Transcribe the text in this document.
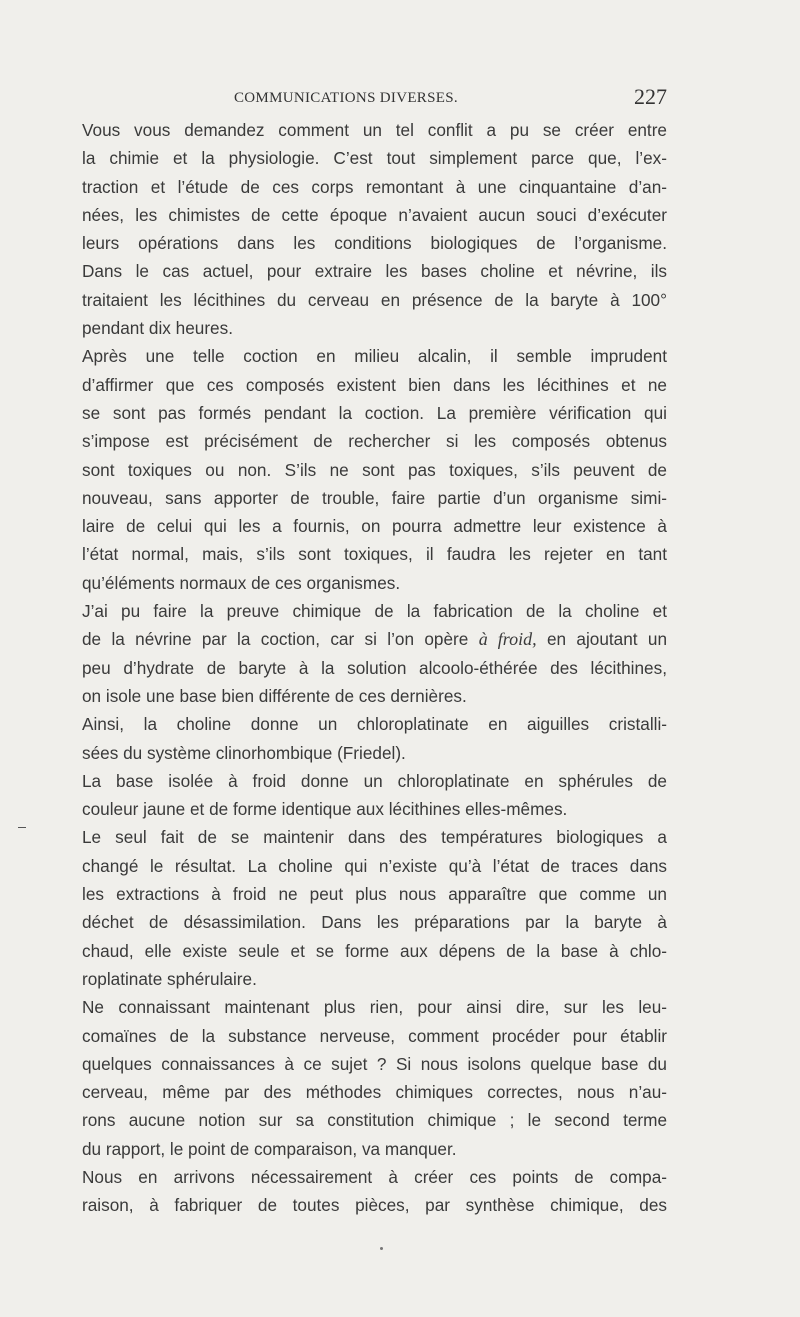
COMMUNICATIONS DIVERSES.	227

Vous vous demandez comment un tel conflit a pu se créer entre
la chimie et la physiologie. C’est tout simplement parce que, l’ex-
traction et l’étude de ces corps remontant à une cinquantaine d’an-
nées, les chimistes de cette époque n’avaient aucun souci d’exécuter
leurs opérations dans les conditions biologiques de l’organisme.
Dans le cas actuel, pour extraire les bases choline et névrine, ils
traitaient les lécithines du cerveau en présence de la baryte à 100°
pendant dix heures.

Après une telle coction en milieu alcalin, il semble imprudent
d’affirmer que ces composés existent bien dans les lécithines et ne
se sont pas formés pendant la coction. La première vérification qui
s’impose est précisément de rechercher si les composés obtenus
sont toxiques ou non. S’ils ne sont pas toxiques, s’ils peuvent de
nouveau, sans apporter de trouble, faire partie d’un organisme simi-
laire de celui qui les a fournis, on pourra admettre leur existence à
l’état normal, mais, s’ils sont toxiques, il faudra les rejeter en tant
qu’éléments normaux de ces organismes.

J’ai pu faire la preuve chimique de la fabrication de la choline et
de la névrine par la coction, car si l’on opère à froid, en ajoutant un
peu d’hydrate de baryte à la solution alcoolo-éthérée des lécithines,
on isole une base bien différente de ces dernières.

Ainsi, la choline donne un chloroplatinate en aiguilles cristalli-
sées du système clinorhombique (Friedel).

La base isolée à froid donne un chloroplatinate en sphérules de
couleur jaune et de forme identique aux lécithines elles-mêmes.

Le seul fait de se maintenir dans des températures biologiques a
changé le résultat. La choline qui n’existe qu’à l’état de traces dans
les extractions à froid ne peut plus nous apparaître que comme un
déchet de désassimilation. Dans les préparations par la baryte à
chaud, elle existe seule et se forme aux dépens de la base à chlo-
roplatinate sphérulaire.

Ne connaissant maintenant plus rien, pour ainsi dire, sur les leu-
comaïnes de la substance nerveuse, comment procéder pour établir
quelques connaissances à ce sujet ? Si nous isolons quelque base du
cerveau, même par des méthodes chimiques correctes, nous n’au-
rons aucune notion sur sa constitution chimique ; le second terme
du rapport, le point de comparaison, va manquer.

Nous en arrivons nécessairement à créer ces points de compa-
raison, à fabriquer de toutes pièces, par synthèse chimique, des
